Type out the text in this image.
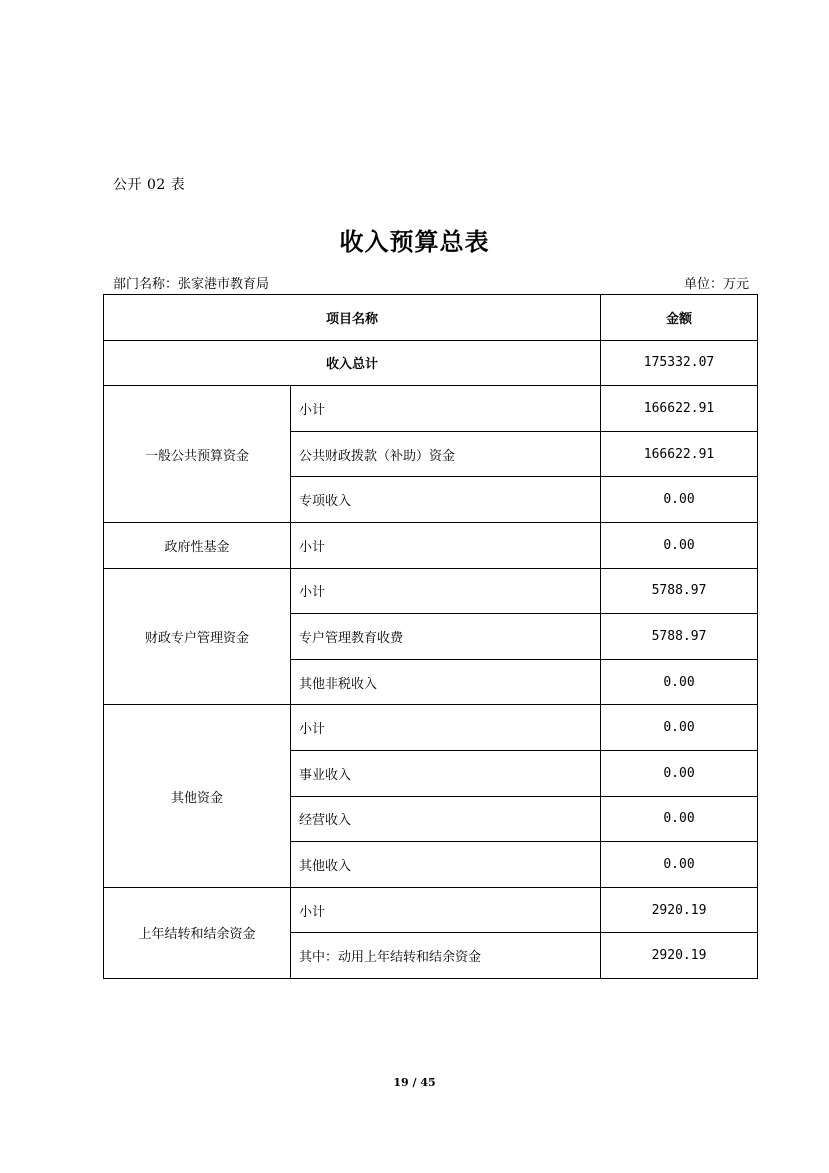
公开 02 表
收入预算总表
部门名称：张家港市教育局	单位：万元
项目名称		金额
收入总计		175332.07
一般公共预算资金	小计	166622.91
	公共财政拨款（补助）资金	166622.91
	专项收入	0.00
政府性基金	小计	0.00
财政专户管理资金	小计	5788.97
	专户管理教育收费	5788.97
	其他非税收入	0.00
其他资金	小计	0.00
	事业收入	0.00
	经营收入	0.00
	其他收入	0.00
上年结转和结余资金	小计	2920.19
	其中：动用上年结转和结余资金	2920.19
19 / 45
